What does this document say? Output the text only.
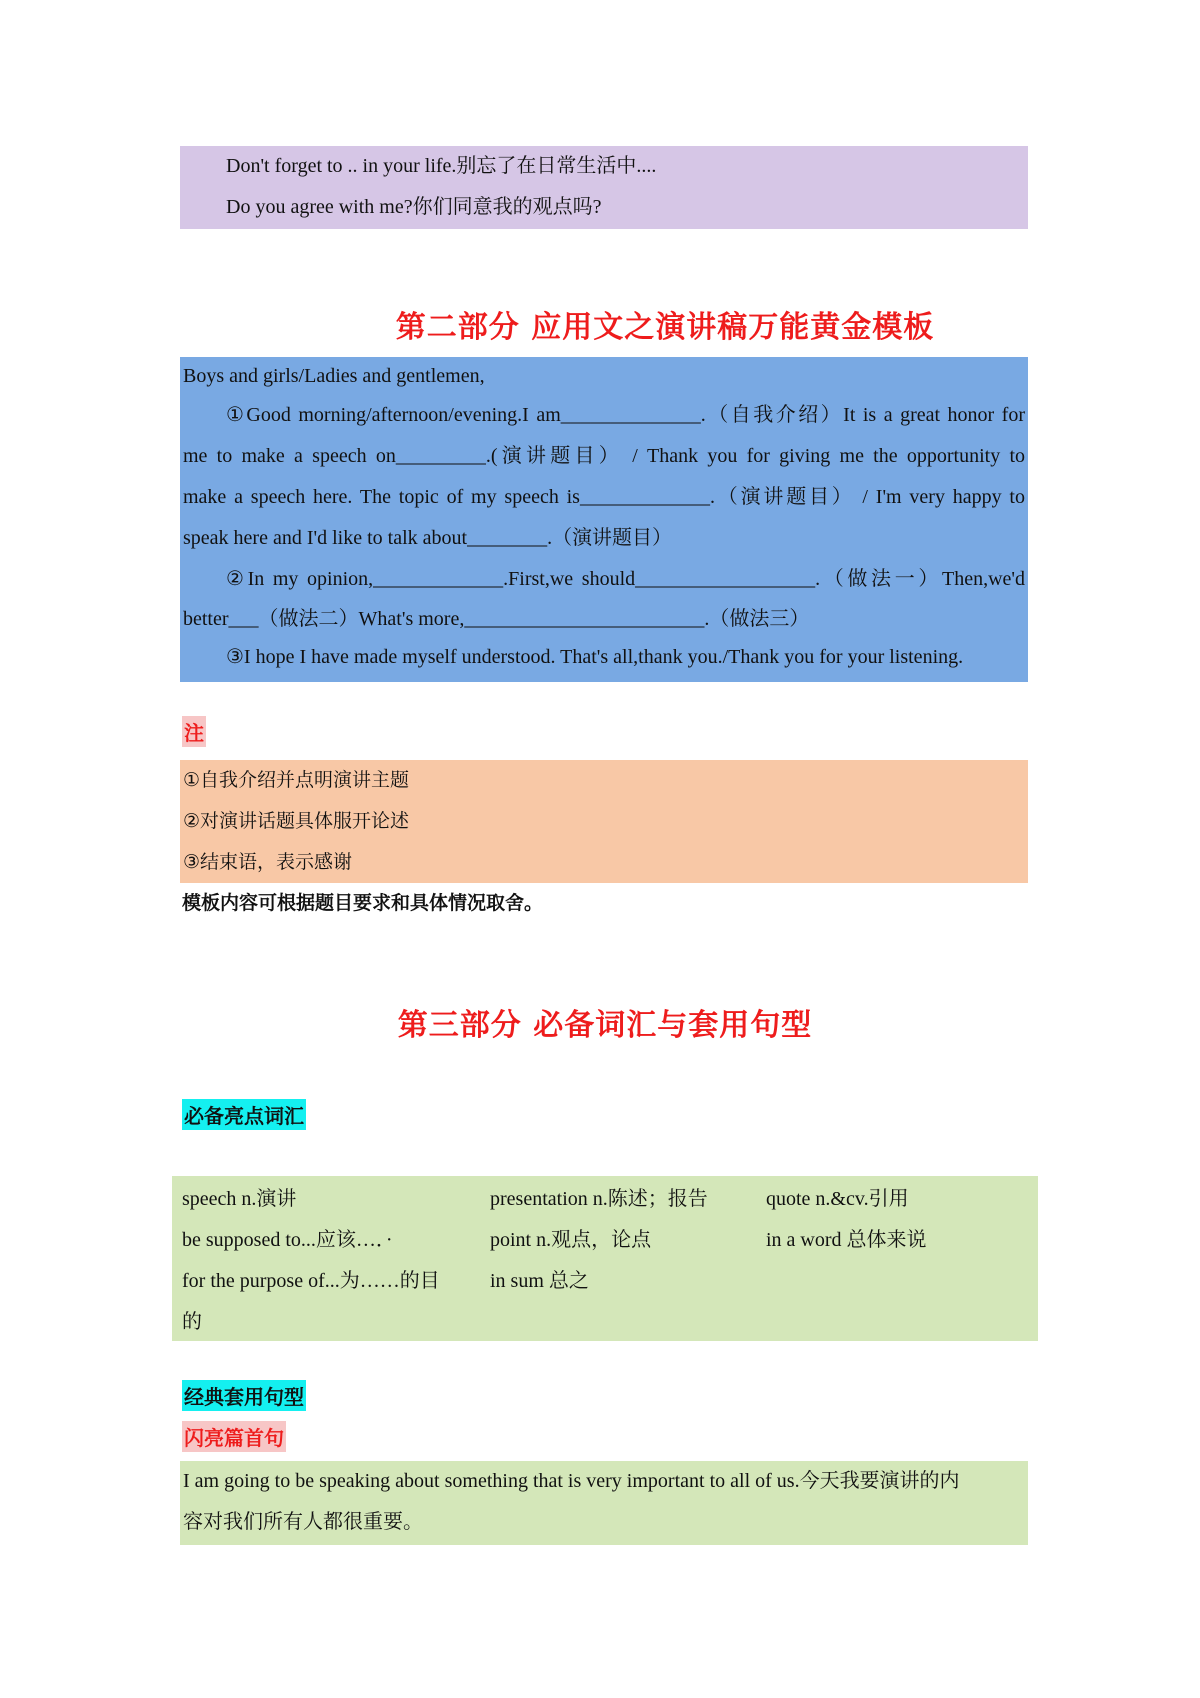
Don't forget to .. in your life.别忘了在日常生活中....
Do you agree with me?你们同意我的观点吗?
第二部分 应用文之演讲稿万能黄金模板
Boys and girls/Ladies and gentlemen,
①Good morning/afternoon/evening.I am______________.（自我介绍）It is a great honor for
me to make a speech on_________.(演讲题目） / Thank you for giving me the opportunity to
make a speech here. The topic of my speech is_____________.（演讲题目） / I'm very happy to
speak here and I'd like to talk about________.（演讲题目）
②In my opinion,_____________.First,we should__________________.（做法一）Then,we'd
better___（做法二）What's more,________________________.（做法三）
③I hope I have made myself understood. That's all,thank you./Thank you for your listening.
注
①自我介绍并点明演讲主题
②对演讲话题具体服开论述
③结束语，表示感谢
模板内容可根据题目要求和具体情况取舍。
第三部分 必备词汇与套用句型
必备亮点词汇
speech n.演讲	presentation n.陈述；报告	quote n.&cv.引用
be supposed to...应该…．·	point n.观点，论点	in a word 总体来说
for the purpose of...为……的目	in sum 总之
的
经典套用句型
闪亮篇首句
I am going to be speaking about something that is very important to all of us.今天我要演讲的内
容对我们所有人都很重要。
